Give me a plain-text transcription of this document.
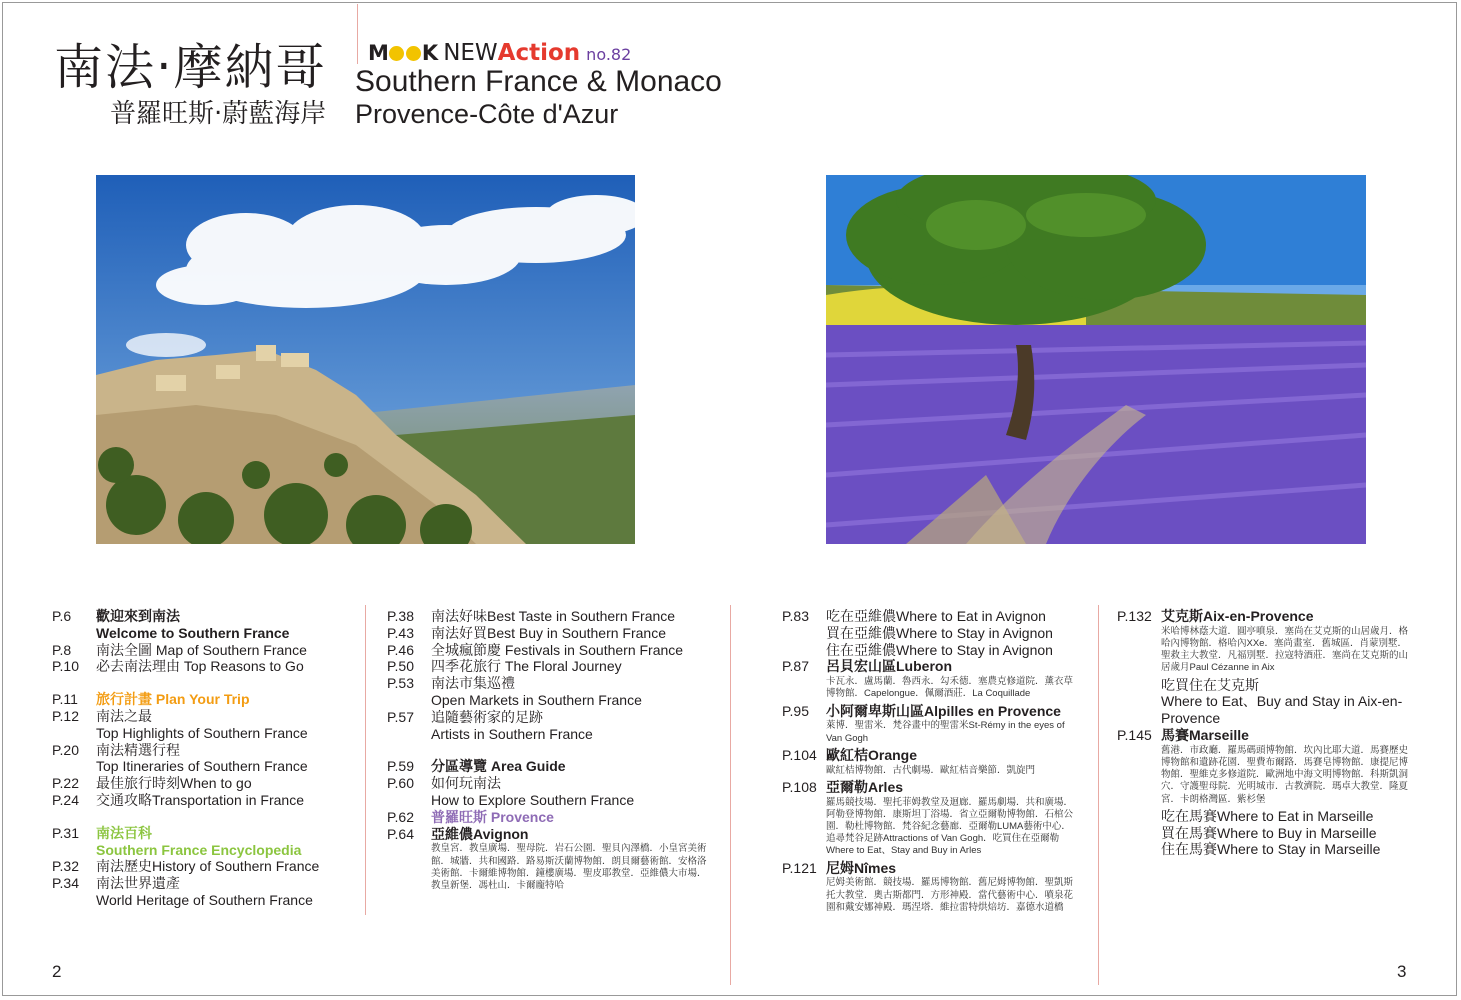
南法‧摩納哥
普羅旺斯‧蔚藍海岸
M K NEWAction no.82
Southern France & Monaco
Provence-Côte d'Azur
P.6 歡迎來到南法
Welcome to Southern France
P.8 南法全圖 Map of Southern France
P.10 必去南法理由 Top Reasons to Go
P.11 旅行計畫 Plan Your Trip
P.12 南法之最
Top Highlights of Southern France
P.20 南法精選行程
Top Itineraries of Southern France
P.22 最佳旅行時刻When to go
P.24 交通攻略Transportation in France
P.31 南法百科
Southern France Encyclopedia
P.32 南法歷史History of Southern France
P.34 南法世界遺產
World Heritage of Southern France
P.38 南法好味Best Taste in Southern France
P.43 南法好買Best Buy in Southern France
P.46 全城瘋節慶 Festivals in Southern France
P.50 四季花旅行 The Floral Journey
P.53 南法市集巡禮
Open Markets in Southern France
P.57 追隨藝術家的足跡
Artists in Southern France
P.59 分區導覽 Area Guide
P.60 如何玩南法
How to Explore Southern France
P.62 普羅旺斯 Provence
P.64 亞維儂Avignon
教皇宮．教皇廣場．聖母院．岩石公園．聖貝內澤橋．小皇宮美術館．城牆．共和國路．路易斯沃蘭博物館．朗貝爾藝術館．安格洛美術館．卡爾維博物館．鐘樓廣場．聖皮耶教堂．亞維儂大市場．教皇新堡．馮杜山．卡爾龐特哈
P.83 吃在亞維儂Where to Eat in Avignon
買在亞維儂Where to Stay in Avignon
住在亞維儂Where to Stay in Avignon
P.87 呂貝宏山區Luberon
卡瓦永．盧馬蘭．魯西永．勾禾德．塞農克修道院．薰衣草博物館．Capelongue．佩爾酒莊．La Coquillade
P.95 小阿爾卑斯山區Alpilles en Provence
萊博．聖雷米．梵谷畫中的聖雷米St-Rémy in the eyes of Van Gogh
P.104 歐紅桔Orange
歐紅桔博物館．古代劇場．歐紅桔音樂節．凱旋門
P.108 亞爾勒Arles
羅馬競技場．聖托菲姆教堂及迴廊．羅馬劇場．共和廣場．阿勒登博物館．康斯坦丁浴場．省立亞爾勒博物館．石棺公園．勒杜博物館．梵谷紀念藝廊．亞爾勒LUMA藝術中心．追尋梵谷足跡Attractions of Van Gogh．吃買住在亞爾勒Where to Eat、Stay and Buy in Arles
P.121 尼姆Nîmes
尼姆美術館．競技場．羅馬博物館．舊尼姆博物館．聖凱斯托大教堂．奧古斯都門．方形神殿．當代藝術中心．噴泉花園和戴安娜神殿．瑪涅塔．維拉雷特烘焙坊．嘉德水道橋
P.132 艾克斯Aix-en-Provence
米哈博林蔭大道．圓亭噴泉．塞尚在艾克斯的山居歲月．格哈內博物館．格哈內XXe．塞尚畫室．舊城區．肖蒙別墅．聖救主大教堂．凡福別墅．拉寇特酒莊．塞尚在艾克斯的山居歲月Paul Cézanne in Aix
吃買住在艾克斯
Where to Eat、Buy and Stay in Aix-en-Provence
P.145 馬賽Marseille
舊港．市政廳．羅馬碼頭博物館．坎內比耶大道．馬賽歷史博物館和遺跡花園．聖費布爾路．馬賽皂博物館．康提尼博物館．聖維克多修道院．歐洲地中海文明博物館．科斯凱洞穴．守護聖母院．光明城市．古教濟院．瑪卓大教堂．隆夏宮．卡朗格灣區．紫杉堡
吃在馬賽Where to Eat in Marseille
買在馬賽Where to Buy in Marseille
住在馬賽Where to Stay in Marseille
2	3
